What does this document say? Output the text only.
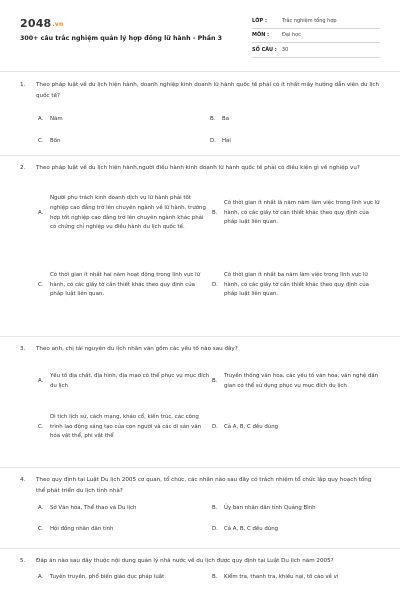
2048.vn
300+ câu trắc nghiệm quản lý hợp đồng lữ hành - Phần 3
LỚP :	Trắc nghiệm tổng hợp
MÔN :	Đại học
SỐ CÂU :	30
1. Theo pháp luật về du lịch hiện hành, doanh nghiệp kinh doanh lữ hành quốc tế phải có ít nhất mấy hướng dẫn viên du lịch quốc tế?
A.	Năm	B.	Ba
C.	Bốn	D.	Hai
2. Theo pháp luật về du lịch hiện hành,người điều hành kinh doanh lữ hành quốc tế phải có điều kiện gì về nghiệp vụ?
A.
Người phụ trách kinh doanh dịch vụ lữ hành phải tốt nghiệp cao đẳng trở lên chuyên ngành về lữ hành, trường hợp tốt nghiệp cao đẳng trở lên chuyên ngành khác phải có chứng chỉ nghiệp vụ điều hành du lịch quốc tế.
B.
Có thời gian ít nhất là năm năm làm việc trong lĩnh vực lữ hành, có các giấy tờ căn thiết khác theo quy định của pháp luật liên quan.
C.
Có thời gian ít nhất hai năm hoạt động trong lĩnh vực lữ hành, có các giấy tờ cần thiết khác theo quy định của pháp luật liên quan.
D.
Có thời gian ít nhất ba năm làm việc trong lĩnh vực lữ hành, có các giấy tờ cần thiết khác theo quy định của pháp luật liên quan.
3. Theo anh, chị tài nguyên du lịch nhân văn gồm các yếu tố nào sau đây?
A.
Yếu tố địa chất, địa hình, địa mạo có thể phục vụ mục đích du lịch
B.
Truyền thống văn hóa, các yếu tố văn hóa, văn nghệ dân gian có thể sử dụng phục vụ mục đích du lịch
C.
Di tích lịch sử, cách mạng, khảo cổ, kiến trúc, các công trình lao động sáng tạo của con người và các di sản văn hóa vật thể, phi vật thể
D.	Cả A, B, C đều đúng
4. Theo quy định tại Luật Du lịch 2005 cơ quan, tổ chức, các nhân nào sau đây có trách nhiệm tổ chức lập quy hoạch tổng thể phát triển du lịch tỉnh nhà?
A.	Sở Văn hóa, Thể thao và Du lịch	B.	Ủy ban nhân dân tỉnh Quảng Bình
C.	Hội đồng nhân dân tỉnh	D.	Cả A, B, C đều đúng
5. Đáp án nào sau đây thuộc nội dung quản lý nhà nước về du lịch được quy định tại Luật Du lịch năm 2005?
A.	Tuyên truyền, phổ biến giáo dục pháp luật	B.	Kiểm tra, thanh tra, khiếu nại, tố cáo về vi
